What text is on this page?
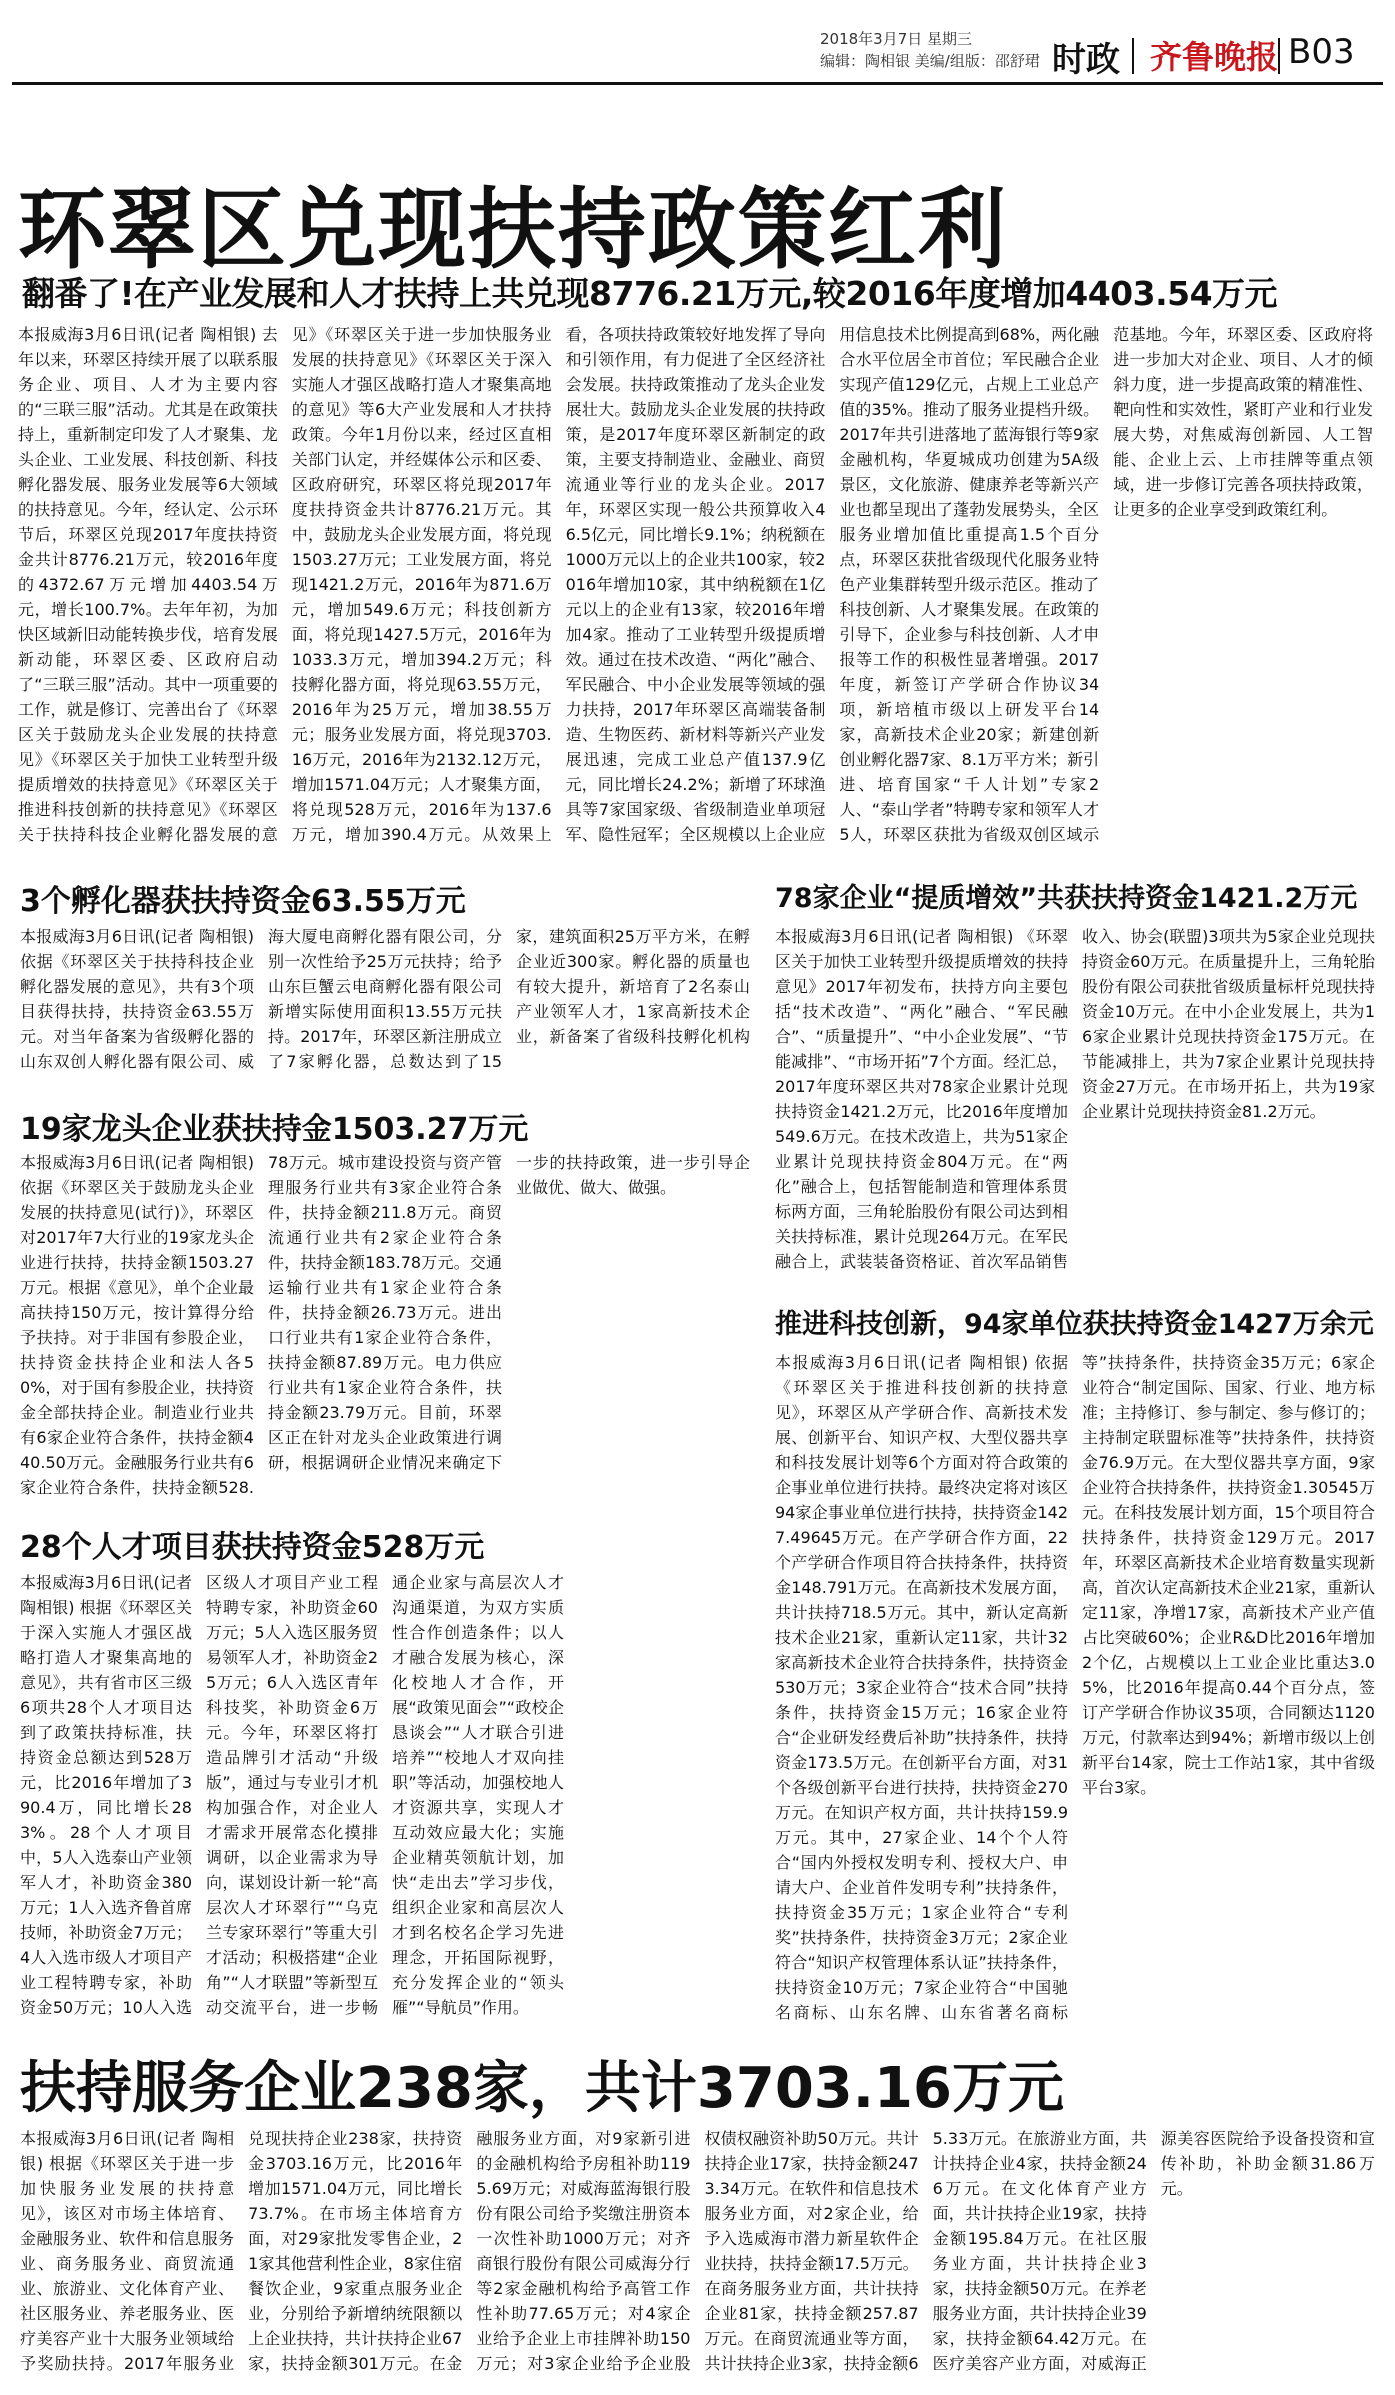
2018年3月7日 星期三
编辑：陶相银 美编/组版：邵舒珺 时政 齐鲁晚报 B03
环翠区兑现扶持政策红利
翻番了!在产业发展和人才扶持上共兑现8776.21万元,较2016年度增加4403.54万元
本报威海3月6日讯(记者 陶相银) 去年以来，环翠区持续开展了以联系服务企业、项目、人才为主要内容的“三联三服”活动。尤其是在政策扶持上，重新制定印发了人才聚集、龙头企业、工业发展、科技创新、科技孵化器发展、服务业发展等6大领域的扶持意见。今年，经认定、公示环节后，环翠区兑现2017年度扶持资金共计8776.21万元，较2016年度的4372.67万元增加4403.54万元，增长100.7%。去年年初，为加快区域新旧动能转换步伐，培育发展新动能，环翠区委、区政府启动了“三联三服”活动。其中一项重要的工作，就是修订、完善出台了《环翠区关于鼓励龙头企业发展的扶持意见》《环翠区关于加快工业转型升级提质增效的扶持意见》《环翠区关于推进科技创新的扶持意见》《环翠区关于扶持科技企业孵化器发展的意见》《环翠区关于进一步加快服务业发展的扶持意见》《环翠区关于深入实施人才强区战略打造人才聚集高地的意见》等6大产业发展和人才扶持政策。今年1月份以来，经过区直相关部门认定，并经媒体公示和区委、区政府研究，环翠区将兑现2017年度扶持资金共计8776.21万元。其中，鼓励龙头企业发展方面，将兑现1503.27万元；工业发展方面，将兑现1421.2万元，2016年为871.6万元，增加549.6万元；科技创新方面，将兑现1427.5万元，2016年为1033.3万元，增加394.2万元；科技孵化器方面，将兑现63.55万元，2016年为25万元，增加38.55万元；服务业发展方面，将兑现3703.16万元，2016年为2132.12万元，增加1571.04万元；人才聚集方面，将兑现528万元，2016年为137.6万元，增加390.4万元。从效果上看，各项扶持政策较好地发挥了导向和引领作用，有力促进了全区经济社会发展。扶持政策推动了龙头企业发展壮大。鼓励龙头企业发展的扶持政策，是2017年度环翠区新制定的政策，主要支持制造业、金融业、商贸流通业等行业的龙头企业。2017年，环翠区实现一般公共预算收入46.5亿元，同比增长9.1%；纳税额在1000万元以上的企业共100家，较2016年增加10家，其中纳税额在1亿元以上的企业有13家，较2016年增加4家。推动了工业转型升级提质增效。通过在技术改造、“两化”融合、军民融合、中小企业发展等领域的强力扶持，2017年环翠区高端装备制造、生物医药、新材料等新兴产业发展迅速，完成工业总产值137.9亿元，同比增长24.2%；新增了环球渔具等7家国家级、省级制造业单项冠军、隐性冠军；全区规模以上企业应用信息技术比例提高到68%，两化融合水平位居全市首位；军民融合企业实现产值129亿元，占规上工业总产值的35%。推动了服务业提档升级。2017年共引进落地了蓝海银行等9家金融机构，华夏城成功创建为5A级景区，文化旅游、健康养老等新兴产业也都呈现出了蓬勃发展势头，全区服务业增加值比重提高1.5个百分点，环翠区获批省级现代化服务业特色产业集群转型升级示范区。推动了科技创新、人才聚集发展。在政策的引导下，企业参与科技创新、人才申报等工作的积极性显著增强。2017年度，新签订产学研合作协议34项，新培植市级以上研发平台14家，高新技术企业20家；新建创新创业孵化器7家、8.1万平方米；新引进、培育国家“千人计划”专家2人、“泰山学者”特聘专家和领军人才5人，环翠区获批为省级双创区域示范基地。今年，环翠区委、区政府将进一步加大对企业、项目、人才的倾斜力度，进一步提高政策的精准性、靶向性和实效性，紧盯产业和行业发展大势，对焦威海创新园、人工智能、企业上云、上市挂牌等重点领域，进一步修订完善各项扶持政策，让更多的企业享受到政策红利。
3个孵化器获扶持资金63.55万元
本报威海3月6日讯(记者 陶相银) 依据《环翠区关于扶持科技企业孵化器发展的意见》，共有3个项目获得扶持，扶持资金63.55万元。对当年备案为省级孵化器的山东双创人孵化器有限公司、威海大厦电商孵化器有限公司，分别一次性给予25万元扶持；给予山东巨蟹云电商孵化器有限公司新增实际使用面积13.55万元扶持。2017年，环翠区新注册成立了7家孵化器，总数达到了15家，建筑面积25万平方米，在孵企业近300家。孵化器的质量也有较大提升，新培育了2名泰山产业领军人才，1家高新技术企业，新备案了省级科技孵化机构
19家龙头企业获扶持金1503.27万元
本报威海3月6日讯(记者 陶相银) 依据《环翠区关于鼓励龙头企业发展的扶持意见(试行)》，环翠区对2017年7大行业的19家龙头企业进行扶持，扶持金额1503.27万元。根据《意见》，单个企业最高扶持150万元，按计算得分给予扶持。对于非国有参股企业，扶持资金扶持企业和法人各50%，对于国有参股企业，扶持资金全部扶持企业。制造业行业共有6家企业符合条件，扶持金额440.50万元。金融服务行业共有6家企业符合条件，扶持金额528.78万元。城市建设投资与资产管理服务行业共有3家企业符合条件，扶持金额211.8万元。商贸流通行业共有2家企业符合条件，扶持金额183.78万元。交通运输行业共有1家企业符合条件，扶持金额26.73万元。进出口行业共有1家企业符合条件，扶持金额87.89万元。电力供应行业共有1家企业符合条件，扶持金额23.79万元。目前，环翠区正在针对龙头企业政策进行调研，根据调研企业情况来确定下一步的扶持政策，进一步引导企业做优、做大、做强。
28个人才项目获扶持资金528万元
本报威海3月6日讯(记者 陶相银) 根据《环翠区关于深入实施人才强区战略打造人才聚集高地的意见》，共有省市区三级6项共28个人才项目达到了政策扶持标准，扶持资金总额达到528万元，比2016年增加了390.4万，同比增长283%。28个人才项目中，5人入选泰山产业领军人才，补助资金380万元；1人入选齐鲁首席技师，补助资金7万元；4人入选市级人才项目产业工程特聘专家，补助资金50万元；10人入选区级人才项目产业工程特聘专家，补助资金60万元；5人入选区服务贸易领军人才，补助资金25万元；6人入选区青年科技奖，补助资金6万元。今年，环翠区将打造品牌引才活动“升级版”，通过与专业引才机构加强合作，对企业人才需求开展常态化摸排调研，以企业需求为导向，谋划设计新一轮“高层次人才环翠行”“乌克兰专家环翠行”等重大引才活动；积极搭建“企业角”“人才联盟”等新型互动交流平台，进一步畅通企业家与高层次人才沟通渠道，为双方实质性合作创造条件；以人才融合发展为核心，深化校地人才合作，开展“政策见面会”“政校企恳谈会”“人才联合引进培养”“校地人才双向挂职”等活动，加强校地人才资源共享，实现人才互动效应最大化；实施企业精英领航计划，加快“走出去”学习步伐，组织企业家和高层次人才到名校名企学习先进理念，开拓国际视野，充分发挥企业的“领头雁”“导航员”作用。
78家企业“提质增效”共获扶持资金1421.2万元
本报威海3月6日讯(记者 陶相银) 《环翠区关于加快工业转型升级提质增效的扶持意见》2017年初发布，扶持方向主要包括“技术改造”、“两化”融合、“军民融合”、“质量提升”、“中小企业发展”、“节能减排”、“市场开拓”7个方面。经汇总，2017年度环翠区共对78家企业累计兑现扶持资金1421.2万元，比2016年度增加549.6万元。在技术改造上，共为51家企业累计兑现扶持资金804万元。在“两化”融合上，包括智能制造和管理体系贯标两方面，三角轮胎股份有限公司达到相关扶持标准，累计兑现264万元。在军民融合上，武装装备资格证、首次军品销售收入、协会(联盟)3项共为5家企业兑现扶持资金60万元。在质量提升上，三角轮胎股份有限公司获批省级质量标杆兑现扶持资金10万元。在中小企业发展上，共为16家企业累计兑现扶持资金175万元。在节能减排上，共为7家企业累计兑现扶持资金27万元。在市场开拓上，共为19家企业累计兑现扶持资金81.2万元。
推进科技创新，94家单位获扶持资金1427万余元
本报威海3月6日讯(记者 陶相银) 依据《环翠区关于推进科技创新的扶持意见》，环翠区从产学研合作、高新技术发展、创新平台、知识产权、大型仪器共享和科技发展计划等6个方面对符合政策的企事业单位进行扶持。最终决定将对该区94家企事业单位进行扶持，扶持资金1427.49645万元。在产学研合作方面，22个产学研合作项目符合扶持条件，扶持资金148.791万元。在高新技术发展方面，共计扶持718.5万元。其中，新认定高新技术企业21家，重新认定11家，共计32家高新技术企业符合扶持条件，扶持资金530万元；3家企业符合“技术合同”扶持条件，扶持资金15万元；16家企业符合“企业研发经费后补助”扶持条件，扶持资金173.5万元。在创新平台方面，对31个各级创新平台进行扶持，扶持资金270万元。在知识产权方面，共计扶持159.9万元。其中，27家企业、14个个人符合“国内外授权发明专利、授权大户、申请大户、企业首件发明专利”扶持条件，扶持资金35万元；1家企业符合“专利奖”扶持条件，扶持资金3万元；2家企业符合“知识产权管理体系认证”扶持条件，扶持资金10万元；7家企业符合“中国驰名商标、山东名牌、山东省著名商标等”扶持条件，扶持资金35万元；6家企业符合“制定国际、国家、行业、地方标准；主持修订、参与制定、参与修订的；主持制定联盟标准等”扶持条件，扶持资金76.9万元。在大型仪器共享方面，9家企业符合扶持条件，扶持资金1.30545万元。在科技发展计划方面，15个项目符合扶持条件，扶持资金129万元。2017年，环翠区高新技术企业培育数量实现新高，首次认定高新技术企业21家，重新认定11家，净增17家，高新技术产业产值占比突破60%；企业R&D比2016年增加2个亿，占规模以上工业企业比重达3.05%，比2016年提高0.44个百分点，签订产学研合作协议35项，合同额达1120万元，付款率达到94%；新增市级以上创新平台14家，院士工作站1家，其中省级平台3家。
扶持服务企业238家，共计3703.16万元
本报威海3月6日讯(记者 陶相银) 根据《环翠区关于进一步加快服务业发展的扶持意见》，该区对市场主体培育、金融服务业、软件和信息服务业、商务服务业、商贸流通业、旅游业、文化体育产业、社区服务业、养老服务业、医疗美容产业十大服务业领域给予奖励扶持。2017年服务业兑现扶持企业238家，扶持资金3703.16万元，比2016年增加1571.04万元，同比增长73.7%。在市场主体培育方面，对29家批发零售企业，21家其他营利性企业，8家住宿餐饮企业，9家重点服务业企业，分别给予新增纳统限额以上企业扶持，共计扶持企业67家，扶持金额301万元。在金融服务业方面，对9家新引进的金融机构给予房租补助1195.69万元；对威海蓝海银行股份有限公司给予奖缴注册资本一次性补助1000万元；对齐商银行股份有限公司威海分行等2家金融机构给予高管工作性补助77.65万元；对4家企业给予企业上市挂牌补助150万元；对3家企业给予企业股权债权融资补助50万元。共计扶持企业17家，扶持金额2473.34万元。在软件和信息技术服务业方面，对2家企业，给予入选威海市潜力新星软件企业扶持，扶持金额17.5万元。在商务服务业方面，共计扶持企业81家，扶持金额257.87万元。在商贸流通业等方面，共计扶持企业3家，扶持金额65.33万元。在旅游业方面，共计扶持企业4家，扶持金额246万元。在文化体育产业方面，共计扶持企业19家，扶持金额195.84万元。在社区服务业方面，共计扶持企业3家，扶持金额50万元。在养老服务业方面，共计扶持企业39家，扶持金额64.42万元。在医疗美容产业方面，对威海正源美容医院给予设备投资和宣传补助，补助金额31.86万元。
